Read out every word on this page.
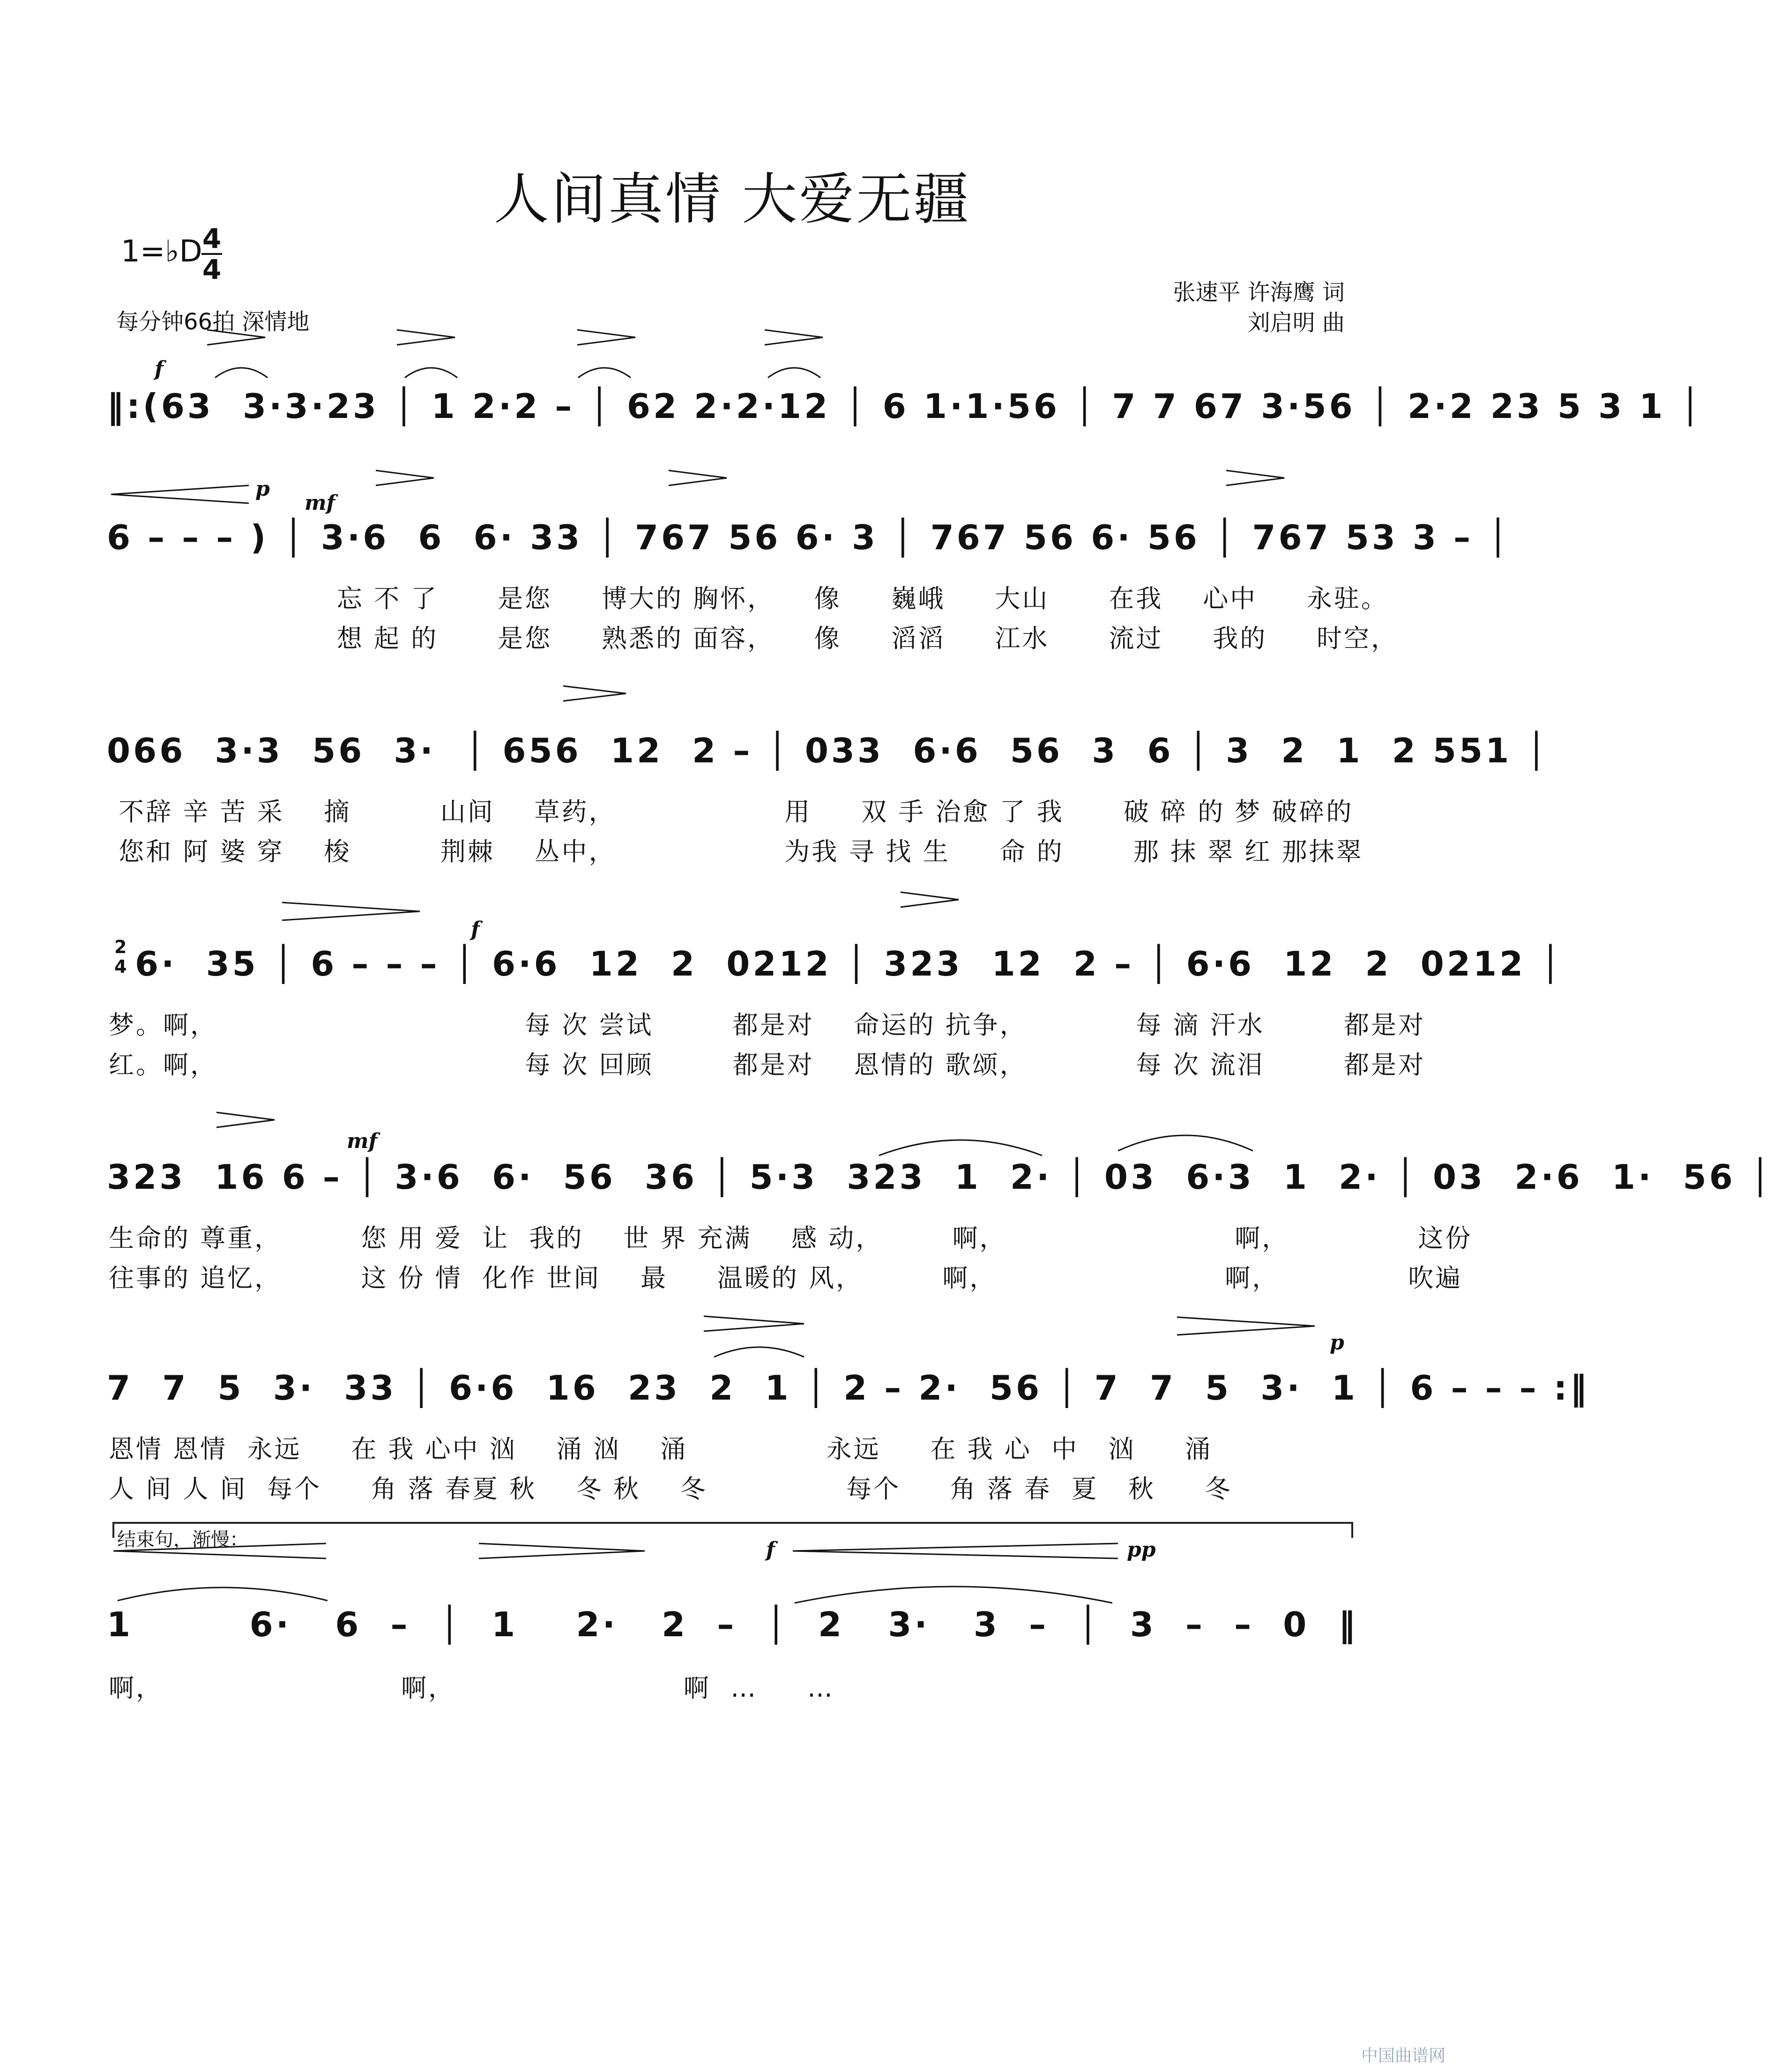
人间真情 大爱无疆
1=♭D 4
4
每分钟66拍 深情地
张速平 许海鹰 词
刘启明 曲
f
‖:(63  3·3·23 │ 1 2·2 – │ 62 2·2·12 │ 6 1·1·56 │ 7 7 67 3·56 │ 2·2 23 5 3 1 │
p
mf
6 – – – ) │ 3·6  6  6· 33 │ 767 56 6· 3 │ 767 56 6· 56 │ 767 53 3 – │
忘 不 了      是您     博大的 胸怀，    像     巍峨     大山      在我    心中     永驻。
想 起 的      是您     熟悉的 面容，    像     滔滔     江水      流过     我的     时空，
066  3·3  56  3·  │ 656  12  2 – │ 033  6·6  56  3  6 │ 3  2  1  2 551 │
不辞 辛 苦 采    摘         山间    草药，                 用     双 手 治愈 了 我      破 碎 的 梦 破碎的
您和 阿 婆 穿    梭         荆棘    丛中，                 为我 寻 找 生     命 的       那 抹 翠 红 那抹翠
f
2
4 6·  35 │ 6 – – – │ 6·6  12  2  0212 │ 323  12  2 – │ 6·6  12  2  0212 │
梦。啊，                               每 次 尝试        都是对    命运的 抗争，           每 滴 汗水        都是对
红。啊，                               每 次 回顾        都是对    恩情的 歌颂，           每 次 流泪        都是对
mf
323  16 6 – │ 3·6  6·  56  36 │ 5·3  323  1  2· │ 03  6·3  1  2· │ 03  2·6  1·  56 │
生命的 尊重，        您 用 爱  让  我的    世 界 充满    感 动，       啊，                       啊，             这份
往事的 追忆，        这 份 情  化作 世间    最     温暖的 风，        啊，                       啊，             吹遍
p
7  7  5  3·  33 │ 6·6  16  23  2  1 │ 2 – 2·  56 │ 7  7  5  3·  1 │ 6 – – – :‖
恩情 恩情  永远     在 我 心中 汹    涌 汹    涌              永远     在 我 心  中   汹     涌
人 间 人 间  每个     角 落 春夏 秋    冬 秋    冬              每个     角 落 春  夏   秋     冬
结束句，渐慢：	f	pp
1        6·   6  –  │  1    2·   2  –  │  2   3·   3  –  │  3  –  –  0  ‖
啊，                        啊，                       啊  …     …
中国曲谱网
